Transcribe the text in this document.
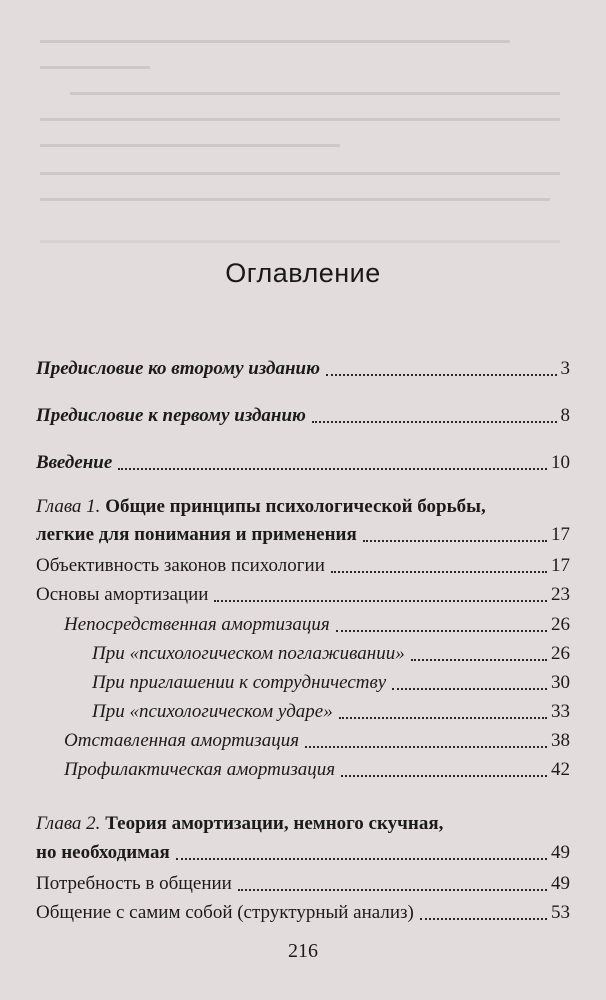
Оглавление
Предисловие ко второму изданию	3
Предисловие к первому изданию	8
Введение	10
Глава 1. Общие принципы психологической борьбы,
легкие для понимания и применения	17
Объективность законов психологии	17
Основы амортизации	23
Непосредственная амортизация	26
При «психологическом поглаживании»	26
При приглашении к сотрудничеству	30
При «психологическом ударе»	33
Отставленная амортизация	38
Профилактическая амортизация	42
Глава 2. Теория амортизации, немного скучная,
но необходимая	49
Потребность в общении	49
Общение с самим собой (структурный анализ)	53
216
